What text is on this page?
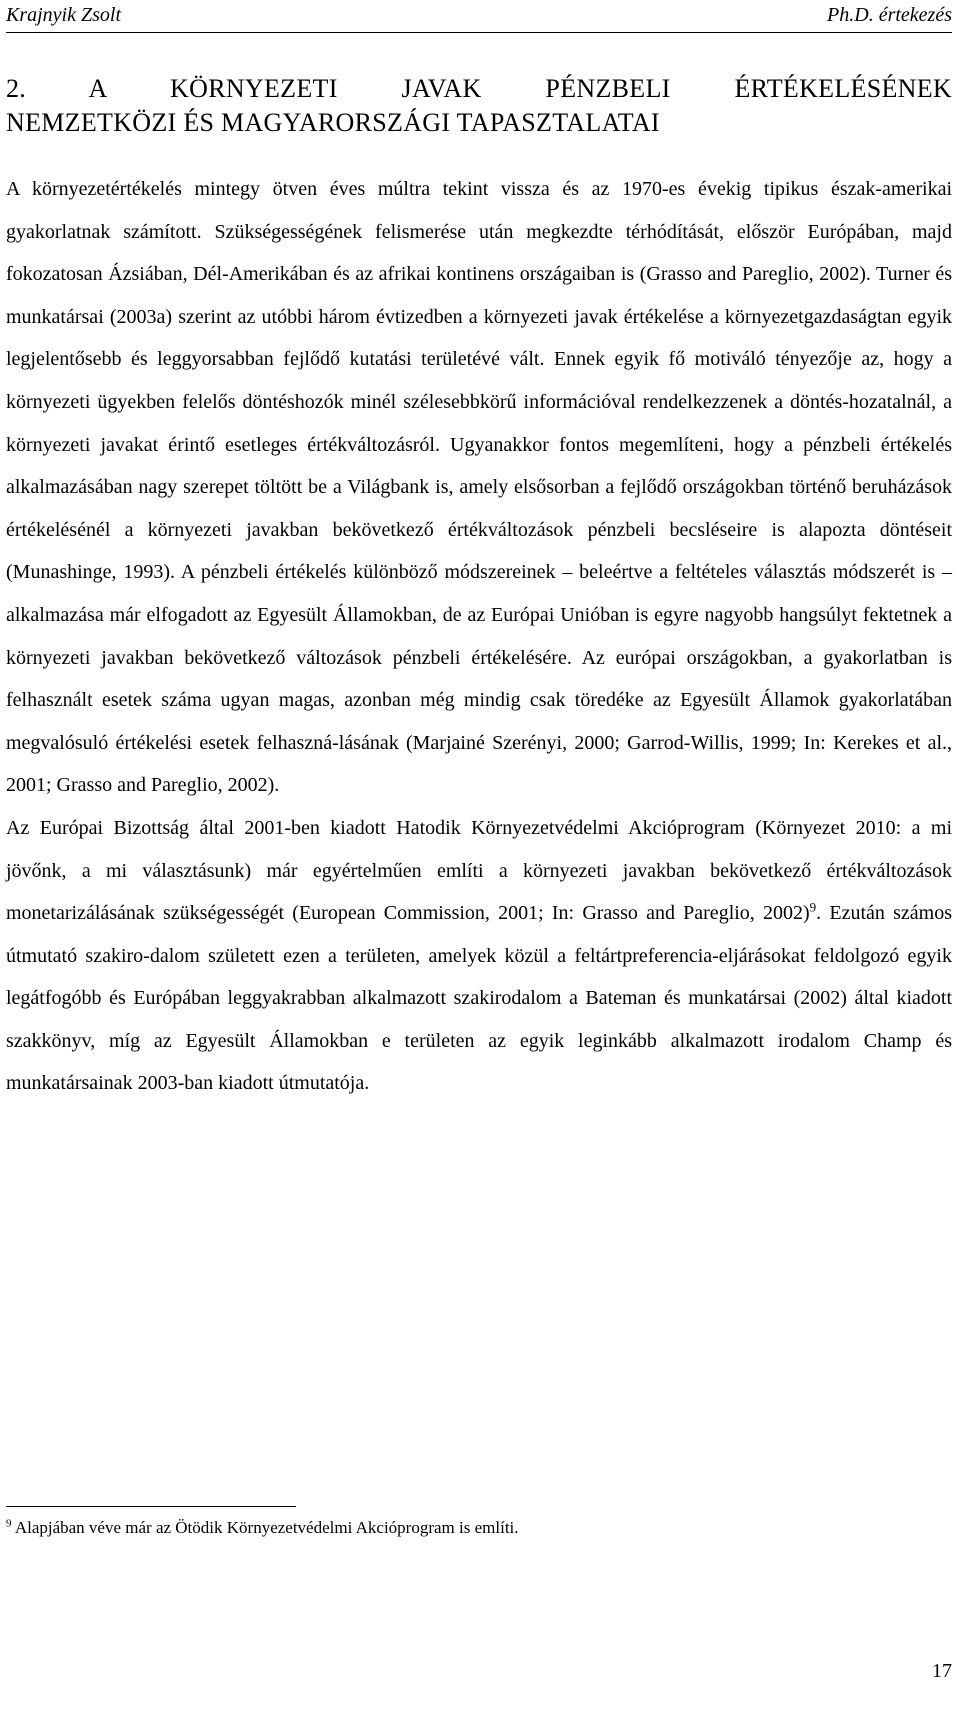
Krajnyik Zsolt	Ph.D. értekezés
2. A KÖRNYEZETI JAVAK PÉNZBELI ÉRTÉKELÉSÉNEK
NEMZETKÖZI ÉS MAGYARORSZÁGI TAPASZTALATAI

A környezetértékelés mintegy ötven éves múltra tekint vissza és az 1970-es évekig tipikus észak-amerikai gyakorlatnak számított. Szükségességének felismerése után megkezdte térhódítását, először Európában, majd fokozatosan Ázsiában, Dél-Amerikában és az afrikai kontinens országaiban is (Grasso and Pareglio, 2002). Turner és munkatársai (2003a) szerint az utóbbi három évtizedben a környezeti javak értékelése a környezetgazdaságtan egyik legjelentősebb és leggyorsabban fejlődő kutatási területévé vált. Ennek egyik fő motiváló tényezője az, hogy a környezeti ügyekben felelős döntéshozók minél szélesebbkörű információval rendelkezzenek a döntés-hozatalnál, a környezeti javakat érintő esetleges értékváltozásról. Ugyanakkor fontos megemlíteni, hogy a pénzbeli értékelés alkalmazásában nagy szerepet töltött be a Világbank is, amely elsősorban a fejlődő országokban történő beruházások értékelésénél a környezeti javakban bekövetkező értékváltozások pénzbeli becsléseire is alapozta döntéseit (Munashinge, 1993). A pénzbeli értékelés különböző módszereinek – beleértve a feltételes választás módszerét is – alkalmazása már elfogadott az Egyesült Államokban, de az Európai Unióban is egyre nagyobb hangsúlyt fektetnek a környezeti javakban bekövetkező változások pénzbeli értékelésére. Az európai országokban, a gyakorlatban is felhasznált esetek száma ugyan magas, azonban még mindig csak töredéke az Egyesült Államok gyakorlatában megvalósuló értékelési esetek felhaszná-lásának (Marjainé Szerényi, 2000; Garrod-Willis, 1999; In: Kerekes et al., 2001; Grasso and Pareglio, 2002).

Az Európai Bizottság által 2001-ben kiadott Hatodik Környezetvédelmi Akcióprogram (Környezet 2010: a mi jövőnk, a mi választásunk) már egyértelműen említi a környezeti javakban bekövetkező értékváltozások monetarizálásának szükségességét (European Commission, 2001; In: Grasso and Pareglio, 2002)$^9$. Ezután számos útmutató szakiro-dalom született ezen a területen, amelyek közül a feltártpreferencia-eljárásokat feldolgozó egyik legátfogóbb és Európában leggyakrabban alkalmazott szakirodalom a Bateman és munkatársai (2002) által kiadott szakkönyv, míg az Egyesült Államokban e területen az egyik leginkább alkalmazott irodalom Champ és munkatársainak 2003-ban kiadott útmutatója.

$^9$ Alapjában véve már az Ötödik Környezetvédelmi Akcióprogram is említi.
17
